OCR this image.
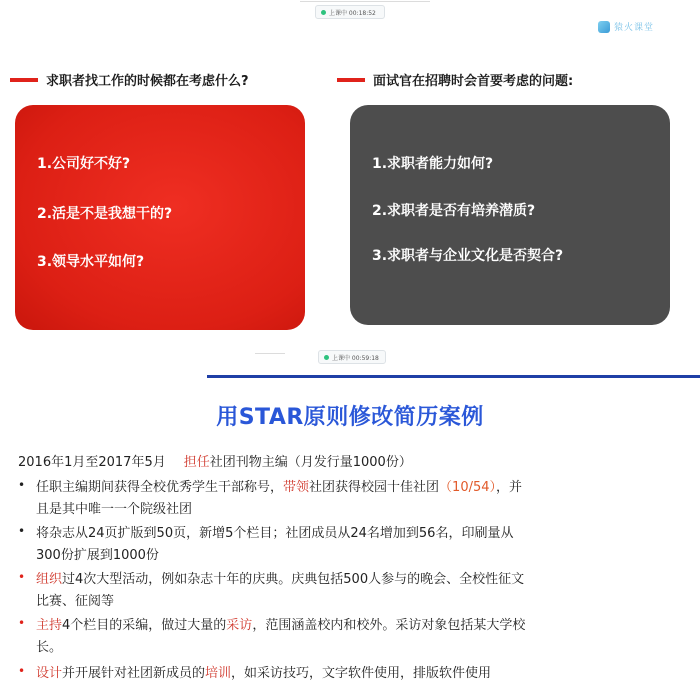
上课中 00:18:52
猿火课堂
求职者找工作的时候都在考虑什么?	面试官在招聘时会首要考虑的问题:
1.公司好不好?
2.活是不是我想干的?
3.领导水平如何?
1.求职者能力如何?
2.求职者是否有培养潜质?
3.求职者与企业文化是否契合?
上课中 00:59:18
用STAR原则修改简历案例
2016年1月至2017年5月 担任社团刊物主编（月发行量1000份）
• 任职主编期间获得全校优秀学生干部称号，带领社团获得校园十佳社团（10/54），并
且是其中唯一一个院级社团
• 将杂志从24页扩版到50页，新增5个栏目；社团成员从24名增加到56名，印刷量从
300份扩展到1000份
• 组织过4次大型活动，例如杂志十年的庆典。庆典包括500人参与的晚会、全校性征文
比赛、征阅等
• 主持4个栏目的采编，做过大量的采访，范围涵盖校内和校外。采访对象包括某大学校
长。
• 设计并开展针对社团新成员的培训，如采访技巧，文字软件使用，排版软件使用
